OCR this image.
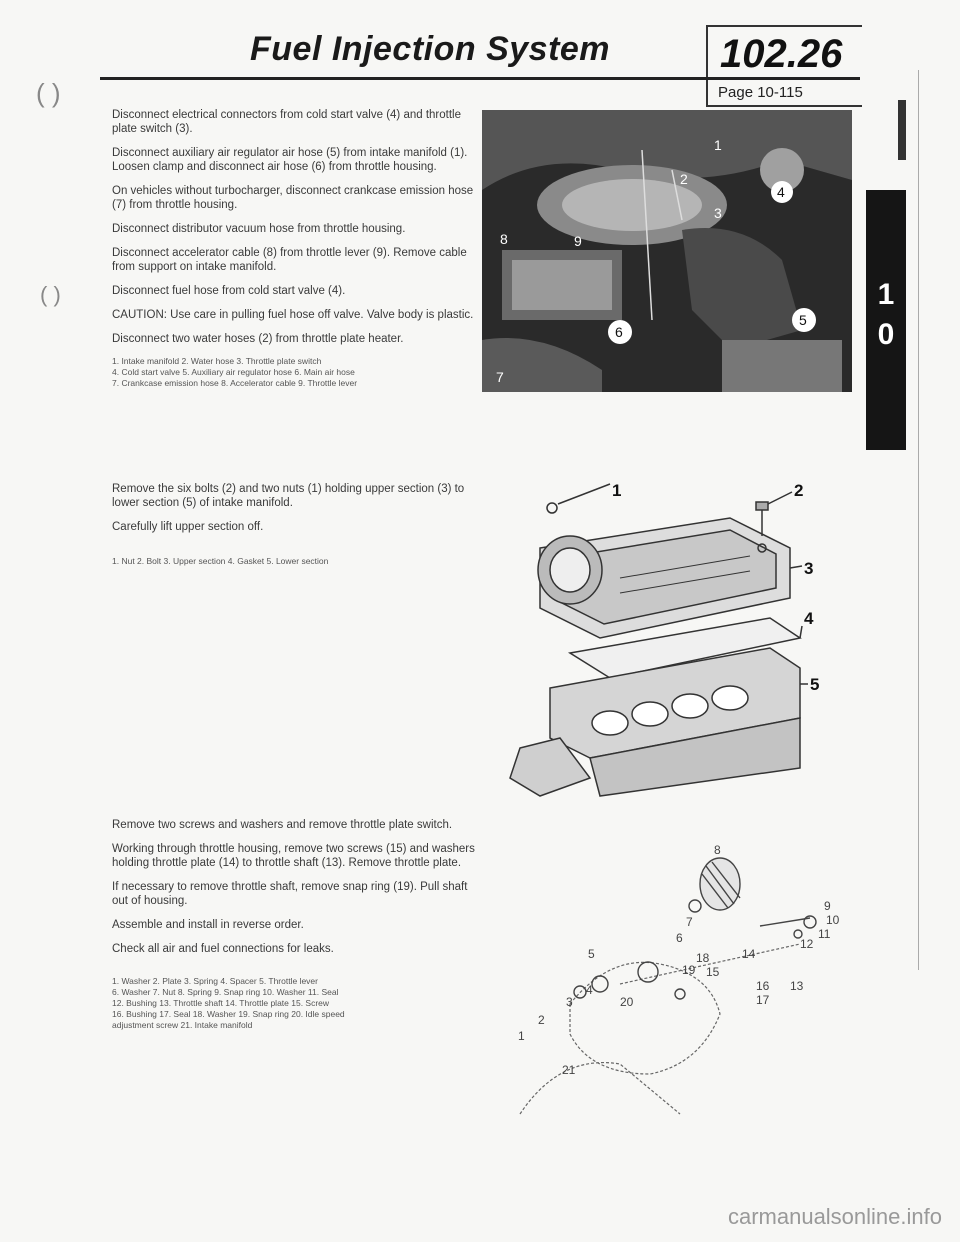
Fuel Injection System	102.26
Page 10-115
( )
( )	1
0

Disconnect electrical connectors from cold start valve (4) and throttle plate switch (3).

Disconnect auxiliary air regulator air hose (5) from intake manifold (1). Loosen clamp and disconnect air hose (6) from throttle housing.

On vehicles without turbocharger, disconnect crankcase emission hose (7) from throttle housing.

Disconnect distributor vacuum hose from throttle housing.

Disconnect accelerator cable (8) from throttle lever (9). Remove cable from support on intake manifold.

Disconnect fuel hose from cold start valve (4).

CAUTION: Use care in pulling fuel hose off valve. Valve body is plastic.

Disconnect two water hoses (2) from throttle plate heater.

1. Intake manifold 2. Water hose 3. Throttle plate switch
4. Cold start valve 5. Auxiliary air regulator hose 6. Main air hose
7. Crankcase emission hose 8. Accelerator cable 9. Throttle lever
1
2
3
4
5
6
7
8	9

Remove the six bolts (2) and two nuts (1) holding upper section (3) to lower section (5) of intake manifold.

Carefully lift upper section off.

1. Nut 2. Bolt 3. Upper section 4. Gasket 5. Lower section
1	2
3
4
5

Remove two screws and washers and remove throttle plate switch.

Working through throttle housing, remove two screws (15) and washers holding throttle plate (14) to throttle shaft (13). Remove throttle plate.

If necessary to remove throttle shaft, remove snap ring (19). Pull shaft out of housing.

Assemble and install in reverse order.

Check all air and fuel connections for leaks.

1. Washer 2. Plate 3. Spring 4. Spacer 5. Throttle lever
6. Washer 7. Nut 8. Spring 9. Snap ring 10. Washer 11. Seal
12. Bushing 13. Throttle shaft 14. Throttle plate 15. Screw
16. Bushing 17. Seal 18. Washer 19. Snap ring 20. Idle speed
adjustment screw 21. Intake manifold
1
2
3
4
5
6
7
8
9
10
11
12
13
14
15
16
17
18
19
20
21
carmanualsonline.info
